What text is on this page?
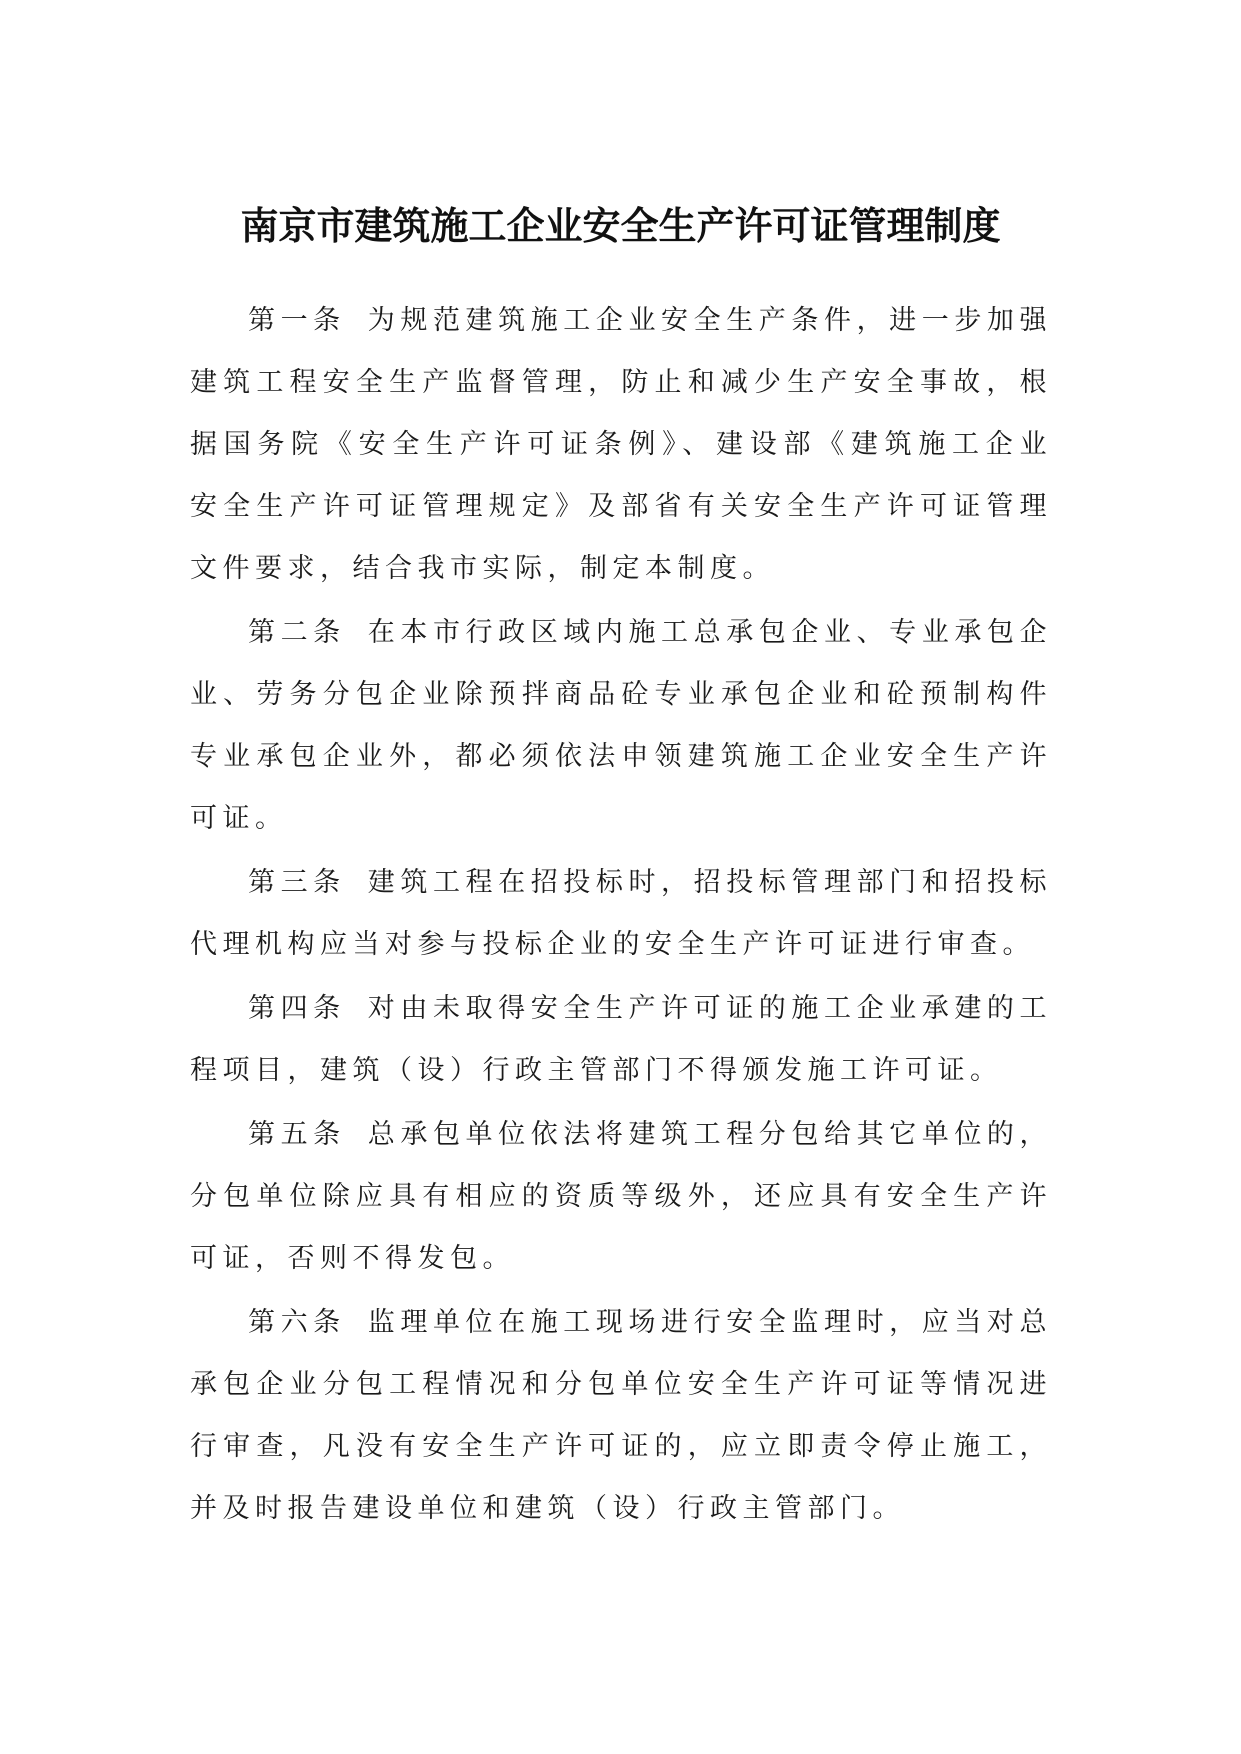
南京市建筑施工企业安全生产许可证管理制度

第一条 为规范建筑施工企业安全生产条件，进一步加强建筑工程安全生产监督管理，防止和减少生产安全事故，根据国务院《安全生产许可证条例》、建设部《建筑施工企业安全生产许可证管理规定》及部省有关安全生产许可证管理文件要求，结合我市实际，制定本制度。

第二条 在本市行政区域内施工总承包企业、专业承包企业、劳务分包企业除预拌商品砼专业承包企业和砼预制构件专业承包企业外，都必须依法申领建筑施工企业安全生产许可证。

第三条 建筑工程在招投标时，招投标管理部门和招投标代理机构应当对参与投标企业的安全生产许可证进行审查。

第四条 对由未取得安全生产许可证的施工企业承建的工程项目，建筑（设）行政主管部门不得颁发施工许可证。

第五条 总承包单位依法将建筑工程分包给其它单位的，分包单位除应具有相应的资质等级外，还应具有安全生产许可证，否则不得发包。

第六条 监理单位在施工现场进行安全监理时，应当对总承包企业分包工程情况和分包单位安全生产许可证等情况进行审查，凡没有安全生产许可证的，应立即责令停止施工，并及时报告建设单位和建筑（设）行政主管部门。
